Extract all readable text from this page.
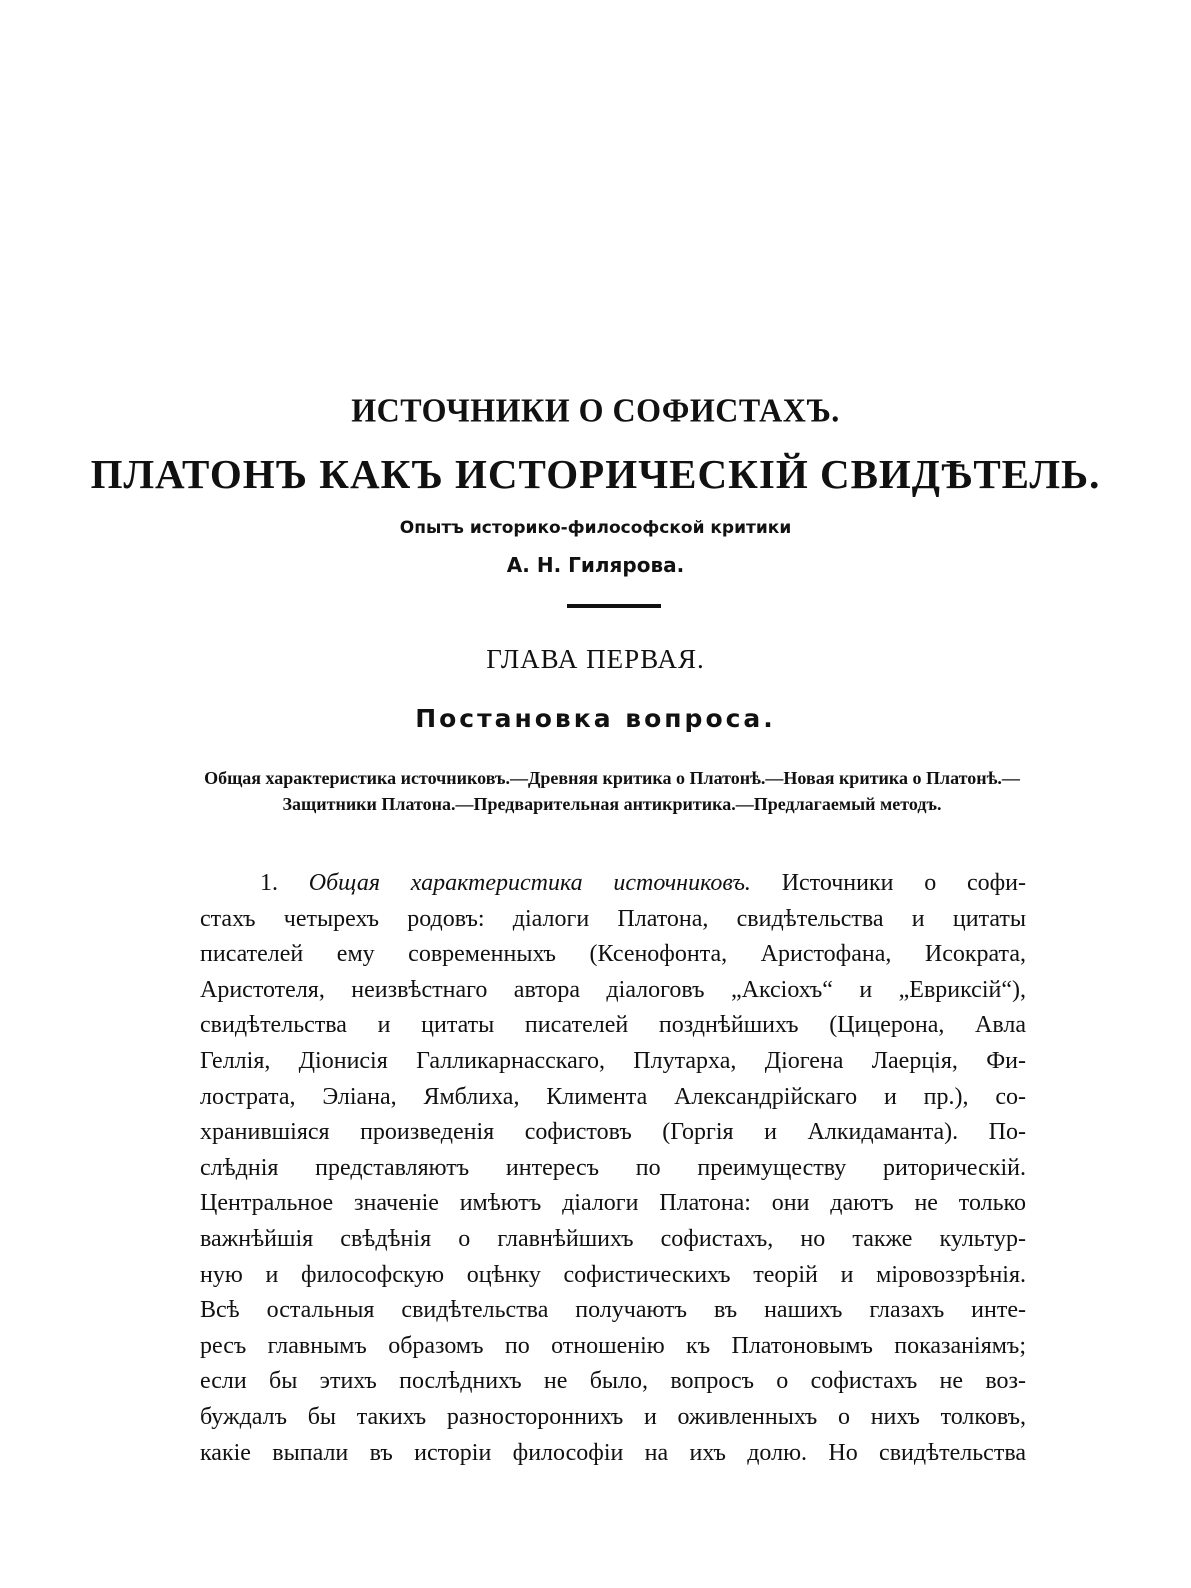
ИСТОЧНИКИ О СОФИСТАХЪ.
ПЛАТОНЪ КАКЪ ИСТОРИЧЕСКІЙ СВИДѢТЕЛЬ.
Опытъ историко-философской критики
А. Н. Гилярова.
ГЛАВА ПЕРВАЯ.
Постановка вопроса.
Общая характеристика источниковъ.—Древняя критика о Платонѣ.—Новая критика о Платонѣ.—Защитники Платона.—Предварительная антикритика.—Предлагаемый методъ.
1. Общая характеристика источниковъ. Источники о софи-
стахъ четырехъ родовъ: діалоги Платона, свидѣтельства и цитаты
писателей ему современныхъ (Ксенофонта, Аристофана, Исократа,
Аристотеля, неизвѣстнаго автора діалоговъ „Аксіохъ“ и „Евриксій“),
свидѣтельства и цитаты писателей позднѣйшихъ (Цицерона, Авла
Геллія, Діонисія Галликарнасскаго, Плутарха, Діогена Лаерція, Фи-
лострата, Эліана, Ямблиха, Климента Александрійскаго и пр.), со-
хранившіяся произведенія софистовъ (Горгія и Алкидаманта). По-
слѣднія представляютъ интересъ по преимуществу риторическій.
Центральное значеніе имѣютъ діалоги Платона: они даютъ не только
важнѣйшія свѣдѣнія о главнѣйшихъ софистахъ, но также культур-
ную и философскую оцѣнку софистическихъ теорій и міровоззрѣнія.
Всѣ остальныя свидѣтельства получаютъ въ нашихъ глазахъ инте-
ресъ главнымъ образомъ по отношенію къ Платоновымъ показаніямъ;
если бы этихъ послѣднихъ не было, вопросъ о софистахъ не воз-
буждалъ бы такихъ разностороннихъ и оживленныхъ о нихъ толковъ,
какіе выпали въ исторіи философіи на ихъ долю. Но свидѣтельства
